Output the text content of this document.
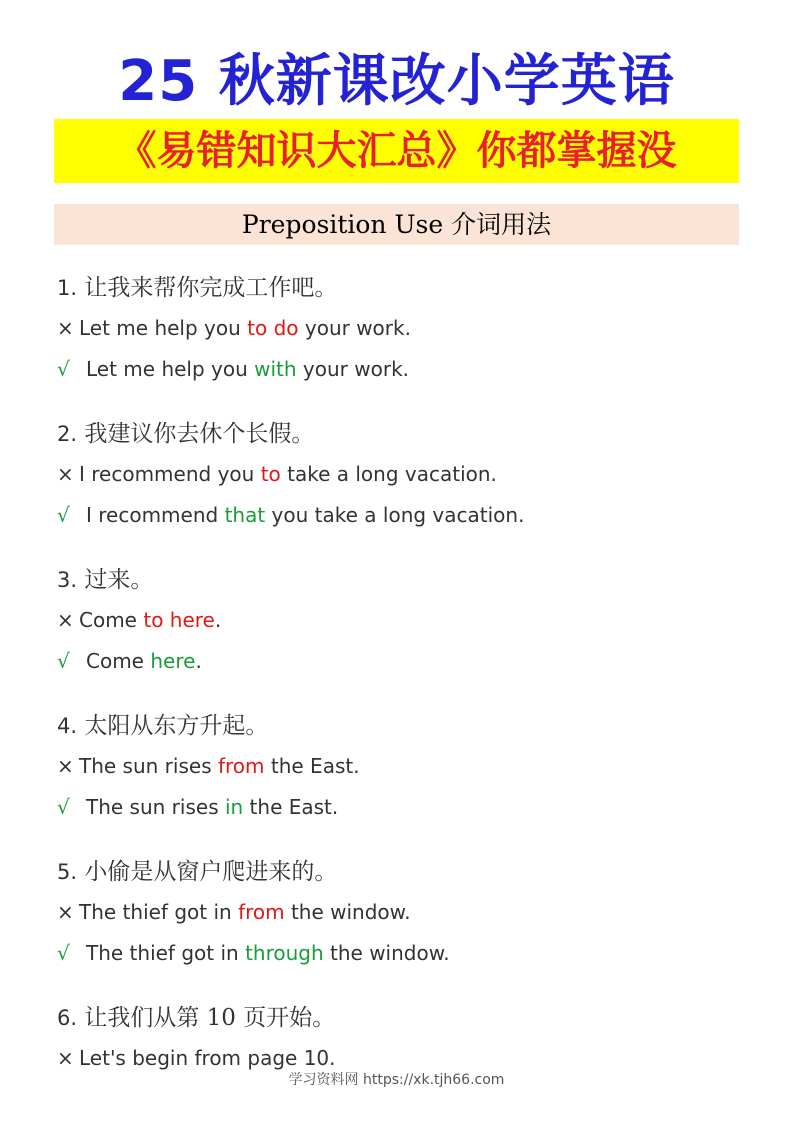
25 秋新课改小学英语
《易错知识大汇总》你都掌握没
Preposition Use 介词用法
1. 让我来帮你完成工作吧。
× Let me help you to do your work.
√ Let me help you with your work.
2. 我建议你去休个长假。
× I recommend you to take a long vacation.
√ I recommend that you take a long vacation.
3. 过来。
× Come to here.
√ Come here.
4. 太阳从东方升起。
× The sun rises from the East.
√ The sun rises in the East.
5. 小偷是从窗户爬进来的。
× The thief got in from the window.
√ The thief got in through the window.
6. 让我们从第 10 页开始。
× Let's begin from page 10.
学习资料网 https://xk.tjh66.com
